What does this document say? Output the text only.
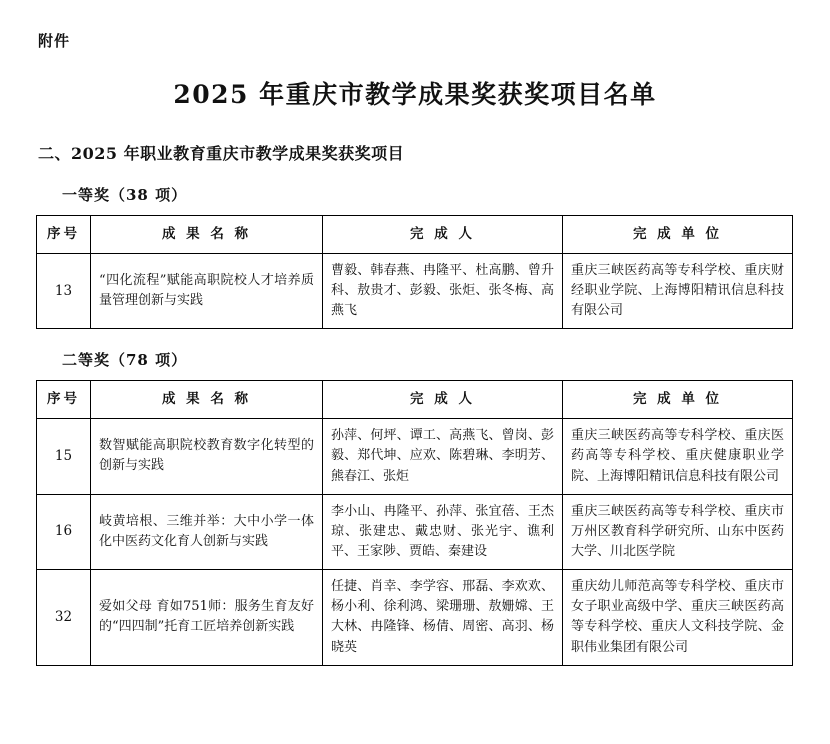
附件
2025 年重庆市教学成果奖获奖项目名单
二、2025 年职业教育重庆市教学成果奖获奖项目
一等奖（38 项）
序号	成 果 名 称	完 成 人	完 成 单 位
13	“四化流程”赋能高职院校人才培养质量管理创新与实践	曹毅、韩春燕、冉隆平、杜高鹏、曾升科、敖贵才、彭毅、张炬、张冬梅、高燕飞	重庆三峡医药高等专科学校、重庆财经职业学院、上海博阳精讯信息科技有限公司
二等奖（78 项）
序号	成 果 名 称	完 成 人	完 成 单 位
15	数智赋能高职院校教育数字化转型的创新与实践	孙萍、何坪、谭工、高燕飞、曾岗、彭毅、郑代坤、应欢、陈碧琳、李明芳、熊春江、张炬	重庆三峡医药高等专科学校、重庆医药高等专科学校、重庆健康职业学院、上海博阳精讯信息科技有限公司
16	岐黄培根、三维并举：大中小学一体化中医药文化育人创新与实践	李小山、冉隆平、孙萍、张宜蓓、王杰琼、张建忠、戴忠财、张光宇、谯利平、王家陟、贾皓、秦建设	重庆三峡医药高等专科学校、重庆市万州区教育科学研究所、山东中医药大学、川北医学院
32	爱如父母 育如751师：服务生育友好的“四四制”托育工匠培养创新实践	任捷、肖幸、李学容、邢磊、李欢欢、杨小利、徐利鸿、梁珊珊、敖姗嫦、王大林、冉隆锋、杨倩、周密、高羽、杨晓英	重庆幼儿师范高等专科学校、重庆市女子职业高级中学、重庆三峡医药高等专科学校、重庆人文科技学院、金职伟业集团有限公司
